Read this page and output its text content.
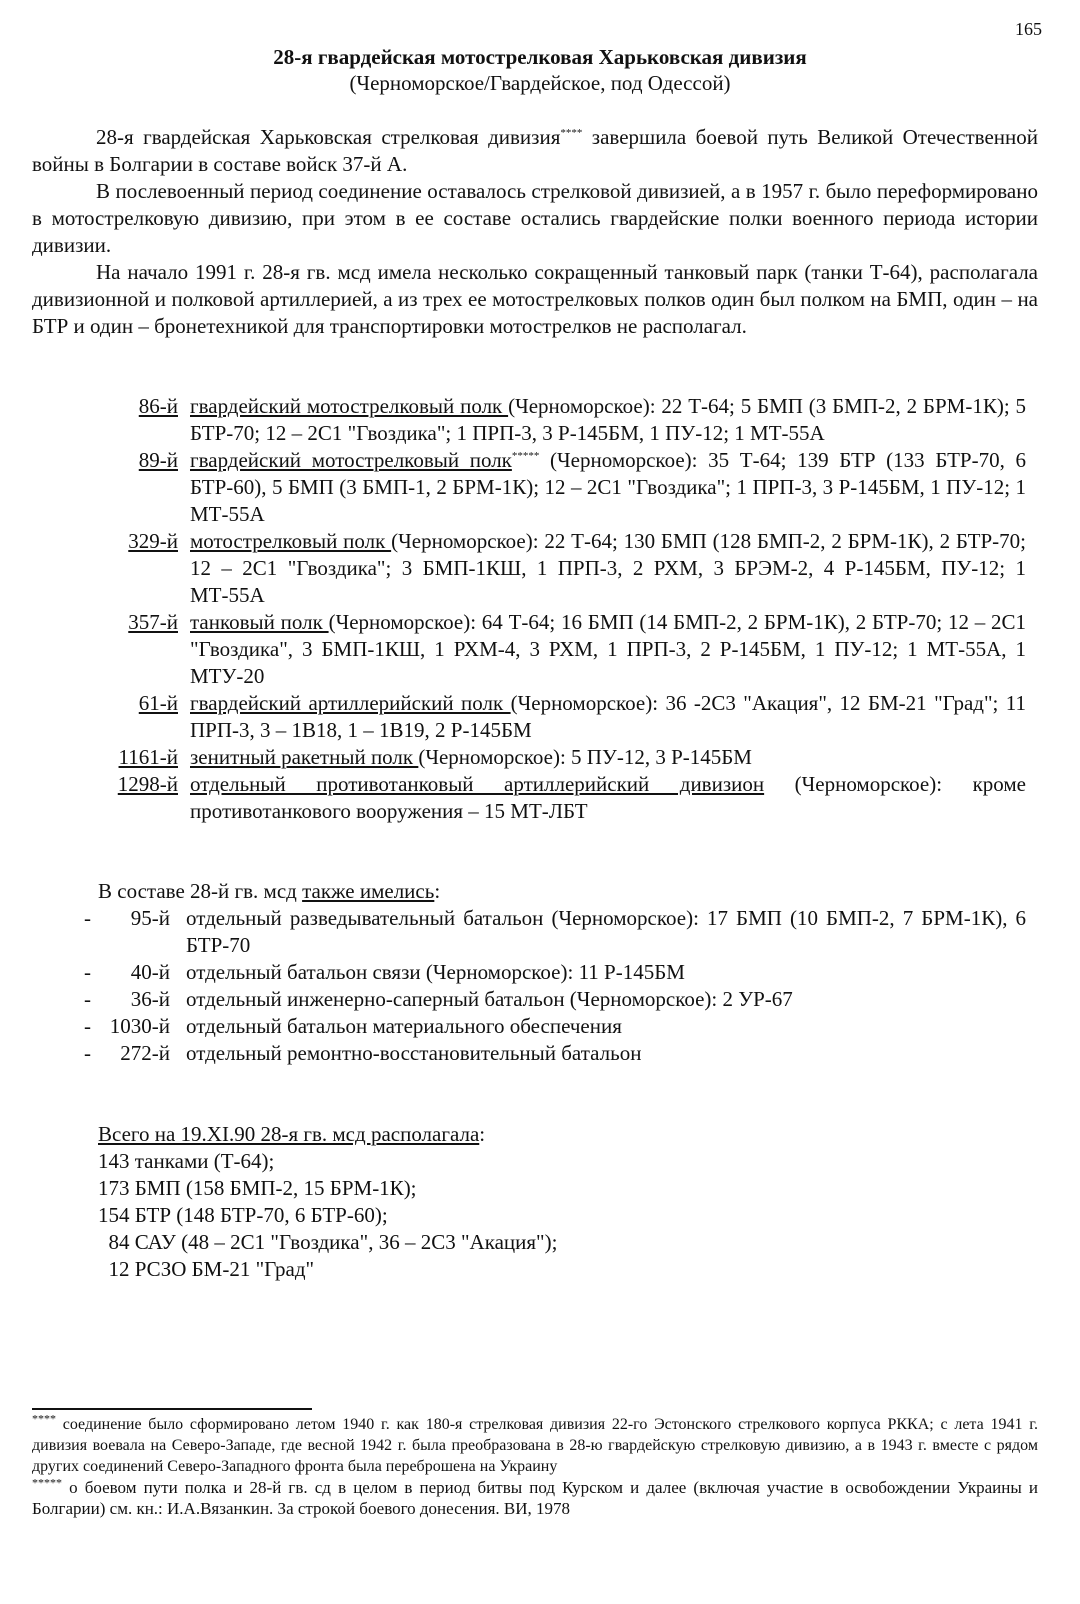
165
28-я гвардейская мотострелковая Харьковская дивизия
(Черноморское/Гвардейское, под Одессой)

28-я гвардейская Харьковская стрелковая дивизия**** завершила боевой путь Великой Отечественной войны в Болгарии в составе войск 37-й А.

В послевоенный период соединение оставалось стрелковой дивизией, а в 1957 г. было переформировано в мотострелковую дивизию, при этом в ее составе остались гвардейские полки военного периода истории дивизии.

На начало 1991 г. 28-я гв. мсд имела несколько сокращенный танковый парк (танки Т-64), располагала дивизионной и полковой артиллерией, а из трех ее мотострелковых полков один был полком на БМП, один – на БТР и один – бронетехникой для транспортировки мотострелков не располагал.

86-й гвардейский мотострелковый полк (Черноморское): 22 Т-64; 5 БМП (3 БМП-2, 2 БРМ-1К); 5 БТР-70; 12 – 2С1 "Гвоздика"; 1 ПРП-3, 3 Р-145БМ, 1 ПУ-12; 1 МТ-55А
89-й гвардейский мотострелковый полк***** (Черноморское): 35 Т-64; 139 БТР (133 БТР-70, 6 БТР-60), 5 БМП (3 БМП-1, 2 БРМ-1К); 12 – 2С1 "Гвоздика"; 1 ПРП-3, 3 Р-145БМ, 1 ПУ-12; 1 МТ-55А
329-й мотострелковый полк (Черноморское): 22 Т-64; 130 БМП (128 БМП-2, 2 БРМ-1К), 2 БТР-70; 12 – 2С1 "Гвоздика"; 3 БМП-1КШ, 1 ПРП-3, 2 РХМ, 3 БРЭМ-2, 4 Р-145БМ, ПУ-12; 1 МТ-55А
357-й танковый полк (Черноморское): 64 Т-64; 16 БМП (14 БМП-2, 2 БРМ-1К), 2 БТР-70; 12 – 2С1 "Гвоздика", 3 БМП-1КШ, 1 РХМ-4, 3 РХМ, 1 ПРП-3, 2 Р-145БМ, 1 ПУ-12; 1 МТ-55А, 1 МТУ-20
61-й гвардейский артиллерийский полк (Черноморское): 36 -2С3 "Акация", 12 БМ-21 "Град"; 11 ПРП-3, 3 – 1В18, 1 – 1В19, 2 Р-145БМ
1161-й зенитный ракетный полк (Черноморское): 5 ПУ-12, 3 Р-145БМ
1298-й отдельный противотанковый артиллерийский дивизион (Черноморское): кроме противотанкового вооружения – 15 МТ-ЛБТ
В составе 28-й гв. мсд также имелись:
-	95-й отдельный разведывательный батальон (Черноморское): 17 БМП (10 БМП-2, 7 БРМ-1К), 6 БТР-70
-	40-й отдельный батальон связи (Черноморское): 11 Р-145БМ
-	36-й отдельный инженерно-саперный батальон (Черноморское): 2 УР-67
- 1030-й отдельный батальон материального обеспечения
-	272-й отдельный ремонтно-восстановительный батальон
Всего на 19.XI.90 28-я гв. мсд располагала:
143 танками (Т-64);
173 БМП (158 БМП-2, 15 БРМ-1К);
154 БТР (148 БТР-70, 6 БТР-60);
84 САУ (48 – 2С1 "Гвоздика", 36 – 2С3 "Акация");
12 РСЗО БМ-21 "Град"

**** соединение было сформировано летом 1940 г. как 180-я стрелковая дивизия 22-го Эстонского стрелкового корпуса РККА; с лета 1941 г. дивизия воевала на Северо-Западе, где весной 1942 г. была преобразована в 28-ю гвардейскую стрелковую дивизию, а в 1943 г. вместе с рядом других соединений Северо-Западного фронта была переброшена на Украину

***** о боевом пути полка и 28-й гв. сд в целом в период битвы под Курском и далее (включая участие в освобождении Украины и Болгарии) см. кн.: И.А.Вязанкин. За строкой боевого донесения. ВИ, 1978
